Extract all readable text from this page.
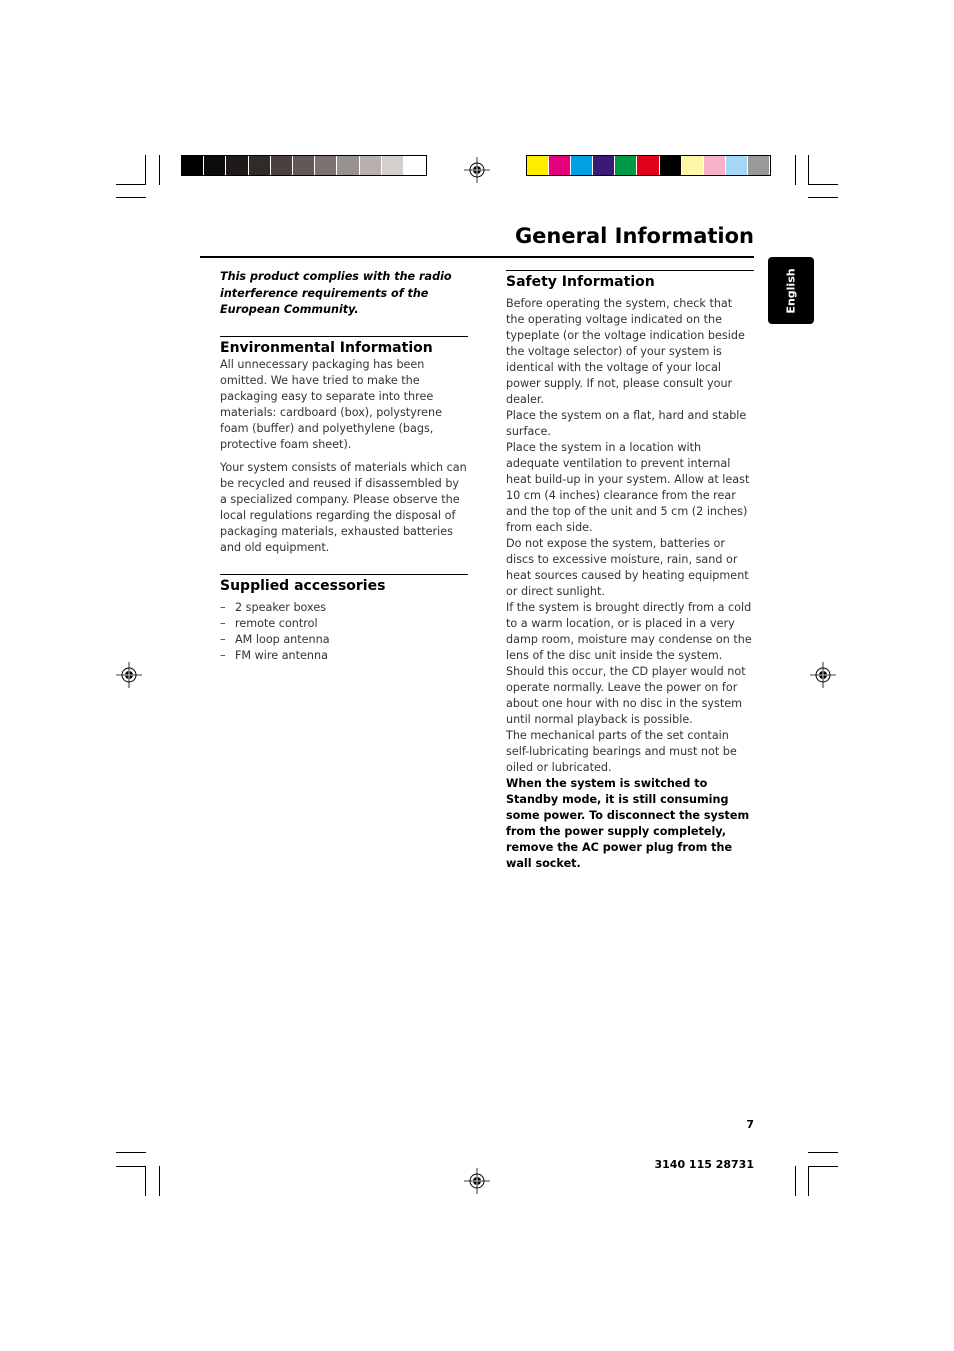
General Information
English

This product complies with the radio interference requirements of the European Community.

Environmental Information

All unnecessary packaging has been omitted. We have tried to make the packaging easy to separate into three materials: cardboard (box), polystyrene foam (buffer) and polyethylene (bags, protective foam sheet).

Your system consists of materials which can be recycled and reused if disassembled by a specialized company. Please observe the local regulations regarding the disposal of packaging materials, exhausted batteries and old equipment.

Supplied accessories
– 2 speaker boxes
– remote control
– AM loop antenna
– FM wire antenna
Safety Information

Before operating the system, check that the operating voltage indicated on the typeplate (or the voltage indication beside the voltage selector) of your system is identical with the voltage of your local power supply. If not, please consult your dealer.

Place the system on a flat, hard and stable surface.

Place the system in a location with adequate ventilation to prevent internal heat build-up in your system. Allow at least 10 cm (4 inches) clearance from the rear and the top of the unit and 5 cm (2 inches) from each side.

Do not expose the system, batteries or discs to excessive moisture, rain, sand or heat sources caused by heating equipment or direct sunlight.

If the system is brought directly from a cold to a warm location, or is placed in a very damp room, moisture may condense on the lens of the disc unit inside the system. Should this occur, the CD player would not operate normally. Leave the power on for about one hour with no disc in the system until normal playback is possible.

The mechanical parts of the set contain self-lubricating bearings and must not be oiled or lubricated.

When the system is switched to Standby mode, it is still consuming some power. To disconnect the system from the power supply completely, remove the AC power plug from the wall socket.

7
3140 115 28731
